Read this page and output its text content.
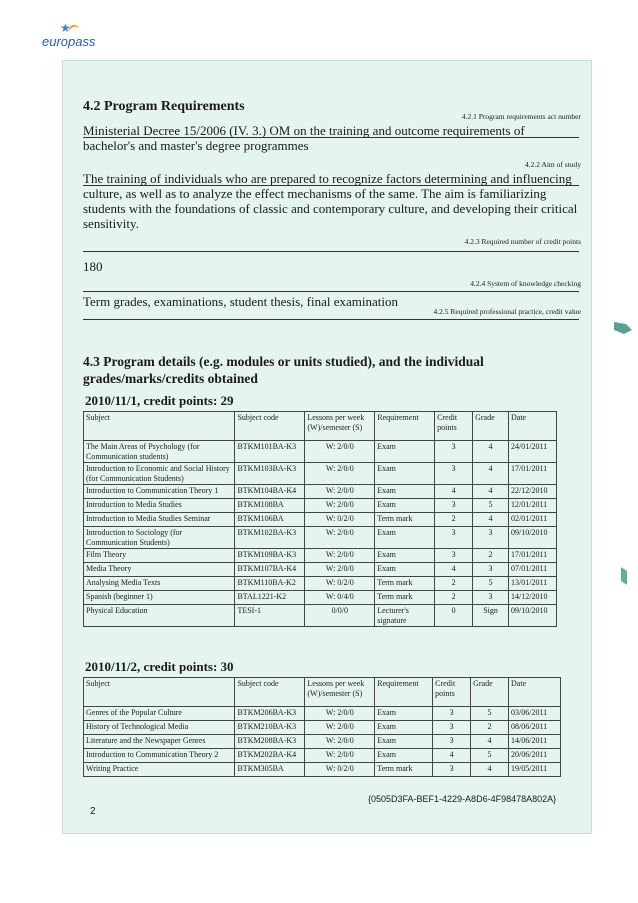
★
europass
4.2 Program Requirements
4.2.1 Program requirements act number
Ministerial Decree 15/2006 (IV. 3.) OM on the training and outcome requirements of bachelor's and master's degree programmes
4.2.2 Aim of study
The training of individuals who are prepared to recognize factors determining and influencing culture, as well as to analyze the effect mechanisms of the same. The aim is familiarizing students with the foundations of classic and contemporary culture, and developing their critical sensitivity.
4.2.3 Required number of credit points
180
4.2.4 System of knowledge checking
Term grades, examinations, student thesis, final examination
4.2.5 Required professional practice, credit value
4.3 Program details (e.g. modules or units studied), and the individual grades/marks/credits obtained
2010/11/1, credit points: 29
Subject	Subject code	Lessons per week (W)/semester (S)	Requirement	Credit points	Grade	Date
The Main Areas of Psychology (for Communication students)	BTKM101BA-K3	W: 2/0/0	Exam	3	4	24/01/2011
Introduction to Economic and Social History (for Communication Students)	BTKM103BA-K3	W: 2/0/0	Exam	3	4	17/01/2011
Introduction to Communication Theory 1	BTKM104BA-K4	W: 2/0/0	Exam	4	4	22/12/2010
Introduction to Media Studies	BTKM108BA	W: 2/0/0	Exam	3	5	12/01/2011
Introduction to Media Studies Seminar	BTKM106BA	W: 0/2/0	Term mark	2	4	02/01/2011
Introduction to Sociology (for Communication Students)	BTKM102BA-K3	W: 2/0/0	Exam	3	3	09/10/2010
Film Theory	BTKM109BA-K3	W: 2/0/0	Exam	3	2	17/01/2011
Media Theory	BTKM107BA-K4	W: 2/0/0	Exam	4	3	07/01/2011
Analysing Media Texts	BTKM110BA-K2	W: 0/2/0	Term mark	2	5	13/01/2011
Spanish (beginner 1)	BTAL1221-K2	W: 0/4/0	Term mark	2	3	14/12/2010
Physical Education	TESI-1	0/0/0	Lecturer's signature	0	Sign	09/10/2010
2010/11/2, credit points: 30
Subject	Subject code	Lessons per week (W)/semester (S)	Requirement	Credit points	Grade	Date
Genres of the Popular Culture	BTKM206BA-K3	W: 2/0/0	Exam	3	5	03/06/2011
History of Technological Media	BTKM210BA-K3	W: 2/0/0	Exam	3	2	08/06/2011
Literature and the Newspaper Genres	BTKM208BA-K3	W: 2/0/0	Exam	3	4	14/06/2011
Introduction to Communication Theory 2	BTKM202BA-K4	W: 2/0/0	Exam	4	5	20/06/2011
Writing Practice	BTKM305BA	W: 0/2/0	Term mark	3	4	19/05/2011
{0505D3FA-BEF1-4229-A8D6-4F98478A802A}
2
